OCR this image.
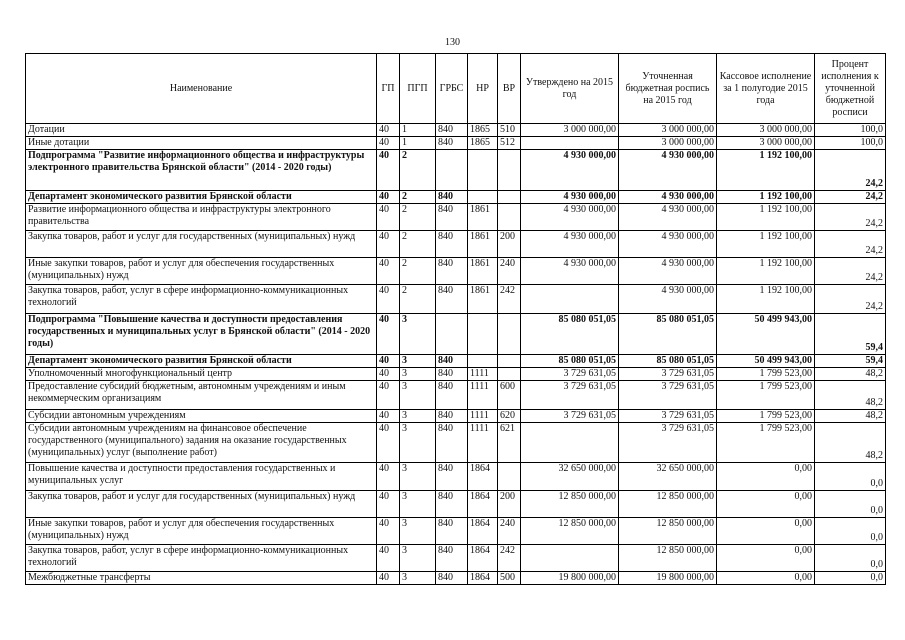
130
Наименование	ГП	ПГП	ГРБС	НР	ВР	Утверждено на 2015 год	Уточненная бюджетная роспись на 2015 год	Кассовое исполнение за 1 полугодие 2015 года	Процент исполнения к уточненной бюджетной росписи
Дотации	40	1	840	1865	510	3 000 000,00	3 000 000,00	3 000 000,00	100,0
Иные дотации	40	1	840	1865	512		3 000 000,00	3 000 000,00	100,0
Подпрограмма "Развитие информационного общества и инфраструктуры электронного правительства Брянской области" (2014 - 2020 годы)	40	2				4 930 000,00	4 930 000,00	1 192 100,00	24,2
Департамент экономического развития Брянской области	40	2	840			4 930 000,00	4 930 000,00	1 192 100,00	24,2
Развитие информационного общества и инфраструктуры электронного правительства	40	2	840	1861		4 930 000,00	4 930 000,00	1 192 100,00	24,2
Закупка товаров, работ и услуг для государственных (муниципальных) нужд	40	2	840	1861	200	4 930 000,00	4 930 000,00	1 192 100,00	24,2
Иные закупки товаров, работ и услуг для обеспечения государственных (муниципальных) нужд	40	2	840	1861	240	4 930 000,00	4 930 000,00	1 192 100,00	24,2
Закупка товаров, работ, услуг в сфере информационно-коммуникационных технологий	40	2	840	1861	242		4 930 000,00	1 192 100,00	24,2
Подпрограмма "Повышение качества и доступности предоставления государственных и муниципальных услуг в Брянской области" (2014 - 2020 годы)	40	3				85 080 051,05	85 080 051,05	50 499 943,00	59,4
Департамент экономического развития Брянской области	40	3	840			85 080 051,05	85 080 051,05	50 499 943,00	59,4
Уполномоченный многофункциональный центр	40	3	840	1111		3 729 631,05	3 729 631,05	1 799 523,00	48,2
Предоставление субсидий бюджетным, автономным учреждениям и иным некоммерческим организациям	40	3	840	1111	600	3 729 631,05	3 729 631,05	1 799 523,00	48,2
Субсидии автономным учреждениям	40	3	840	1111	620	3 729 631,05	3 729 631,05	1 799 523,00	48,2
Субсидии автономным учреждениям на финансовое обеспечение государственного (муниципального) задания на оказание государственных (муниципальных) услуг (выполнение работ)	40	3	840	1111	621		3 729 631,05	1 799 523,00	48,2
Повышение качества и доступности предоставления государственных и муниципальных услуг	40	3	840	1864		32 650 000,00	32 650 000,00	0,00	0,0
Закупка товаров, работ и услуг для государственных (муниципальных) нужд	40	3	840	1864	200	12 850 000,00	12 850 000,00	0,00	0,0
Иные закупки товаров, работ и услуг для обеспечения государственных (муниципальных) нужд	40	3	840	1864	240	12 850 000,00	12 850 000,00	0,00	0,0
Закупка товаров, работ, услуг в сфере информационно-коммуникационных технологий	40	3	840	1864	242		12 850 000,00	0,00	0,0
Межбюджетные трансферты	40	3	840	1864	500	19 800 000,00	19 800 000,00	0,00	0,0
